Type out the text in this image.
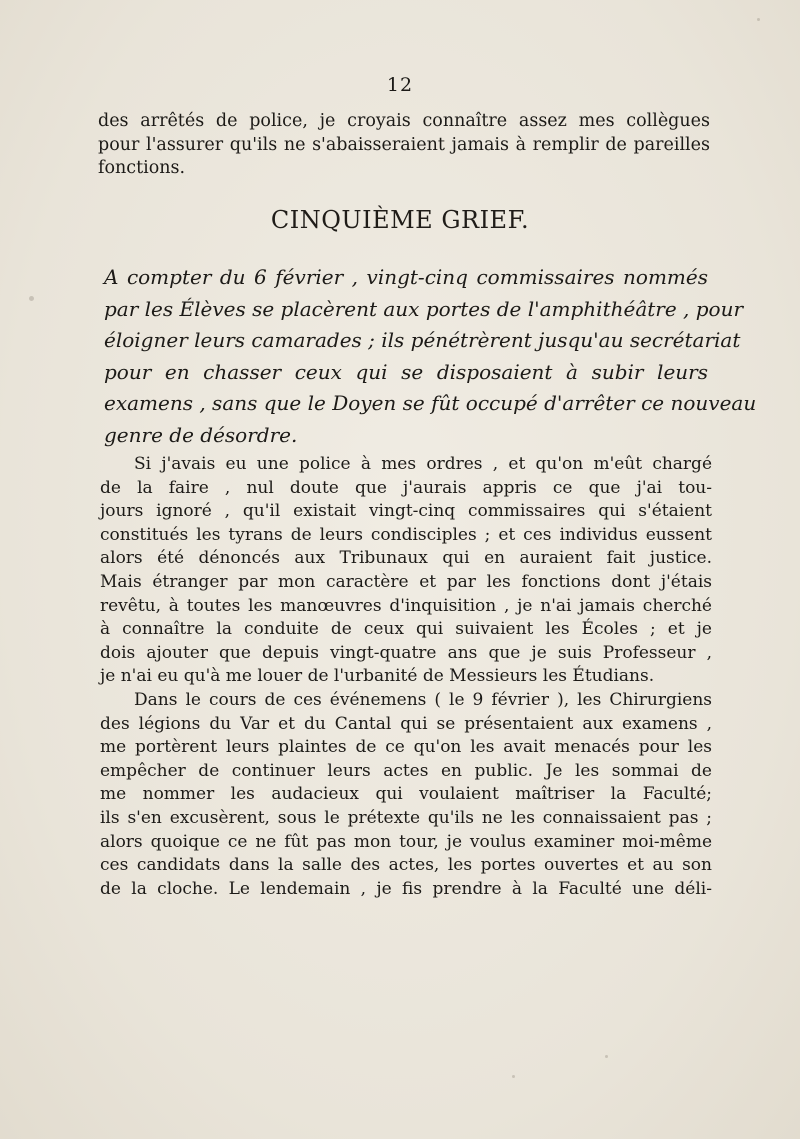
12
des arrêtés de police, je croyais connaître assez mes collègues
pour l'assurer qu'ils ne s'abaisseraient jamais à remplir de pareilles
fonctions.
CINQUIÈME GRIEF.
A compter du 6 février , vingt-cinq commissaires nommés
par les Élèves se placèrent aux portes de l'amphithéâtre , pour
éloigner leurs camarades ; ils pénétrèrent jusqu'au secrétariat
pour en chasser ceux qui se disposaient à subir leurs
examens , sans que le Doyen se fût occupé d'arrêter ce nouveau
genre de désordre.
Si j'avais eu une police à mes ordres , et qu'on m'eût chargé
de la faire , nul doute que j'aurais appris ce que j'ai tou-
jours ignoré , qu'il existait vingt-cinq commissaires qui s'étaient
constitués les tyrans de leurs condisciples ; et ces individus eussent
alors été dénoncés aux Tribunaux qui en auraient fait justice.
Mais étranger par mon caractère et par les fonctions dont j'étais
revêtu, à toutes les manœuvres d'inquisition , je n'ai jamais cherché
à connaître la conduite de ceux qui suivaient les Écoles ; et je
dois ajouter que depuis vingt-quatre ans que je suis Professeur ,
je n'ai eu qu'à me louer de l'urbanité de Messieurs les Étudians.
Dans le cours de ces événemens ( le 9 février ), les Chirurgiens
des légions du Var et du Cantal qui se présentaient aux examens ,
me portèrent leurs plaintes de ce qu'on les avait menacés pour les
empêcher de continuer leurs actes en public. Je les sommai de
me nommer les audacieux qui voulaient maîtriser la Faculté;
ils s'en excusèrent, sous le prétexte qu'ils ne les connaissaient pas ;
alors quoique ce ne fût pas mon tour, je voulus examiner moi-même
ces candidats dans la salle des actes, les portes ouvertes et au son
de la cloche. Le lendemain , je fis prendre à la Faculté une déli-
